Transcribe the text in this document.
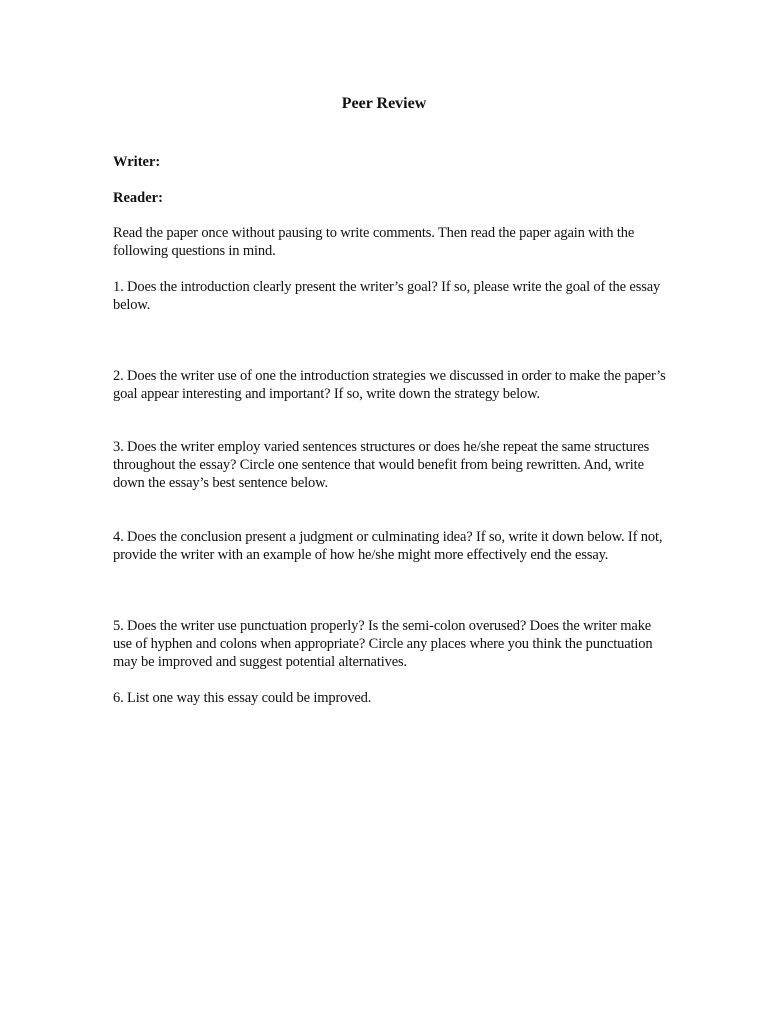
Peer Review
Writer:
Reader:
Read the paper once without pausing to write comments. Then read the paper again with the following questions in mind.
1. Does the introduction clearly present the writer’s goal? If so, please write the goal of the essay below.
2. Does the writer use of one the introduction strategies we discussed in order to make the paper’s goal appear interesting and important? If so, write down the strategy below.
3. Does the writer employ varied sentences structures or does he/she repeat the same structures throughout the essay? Circle one sentence that would benefit from being rewritten. And, write down the essay’s best sentence below.
4. Does the conclusion present a judgment or culminating idea? If so, write it down below. If not, provide the writer with an example of how he/she might more effectively end the essay.
5. Does the writer use punctuation properly? Is the semi-colon overused? Does the writer make use of hyphen and colons when appropriate? Circle any places where you think the punctuation may be improved and suggest potential alternatives.
6. List one way this essay could be improved.
